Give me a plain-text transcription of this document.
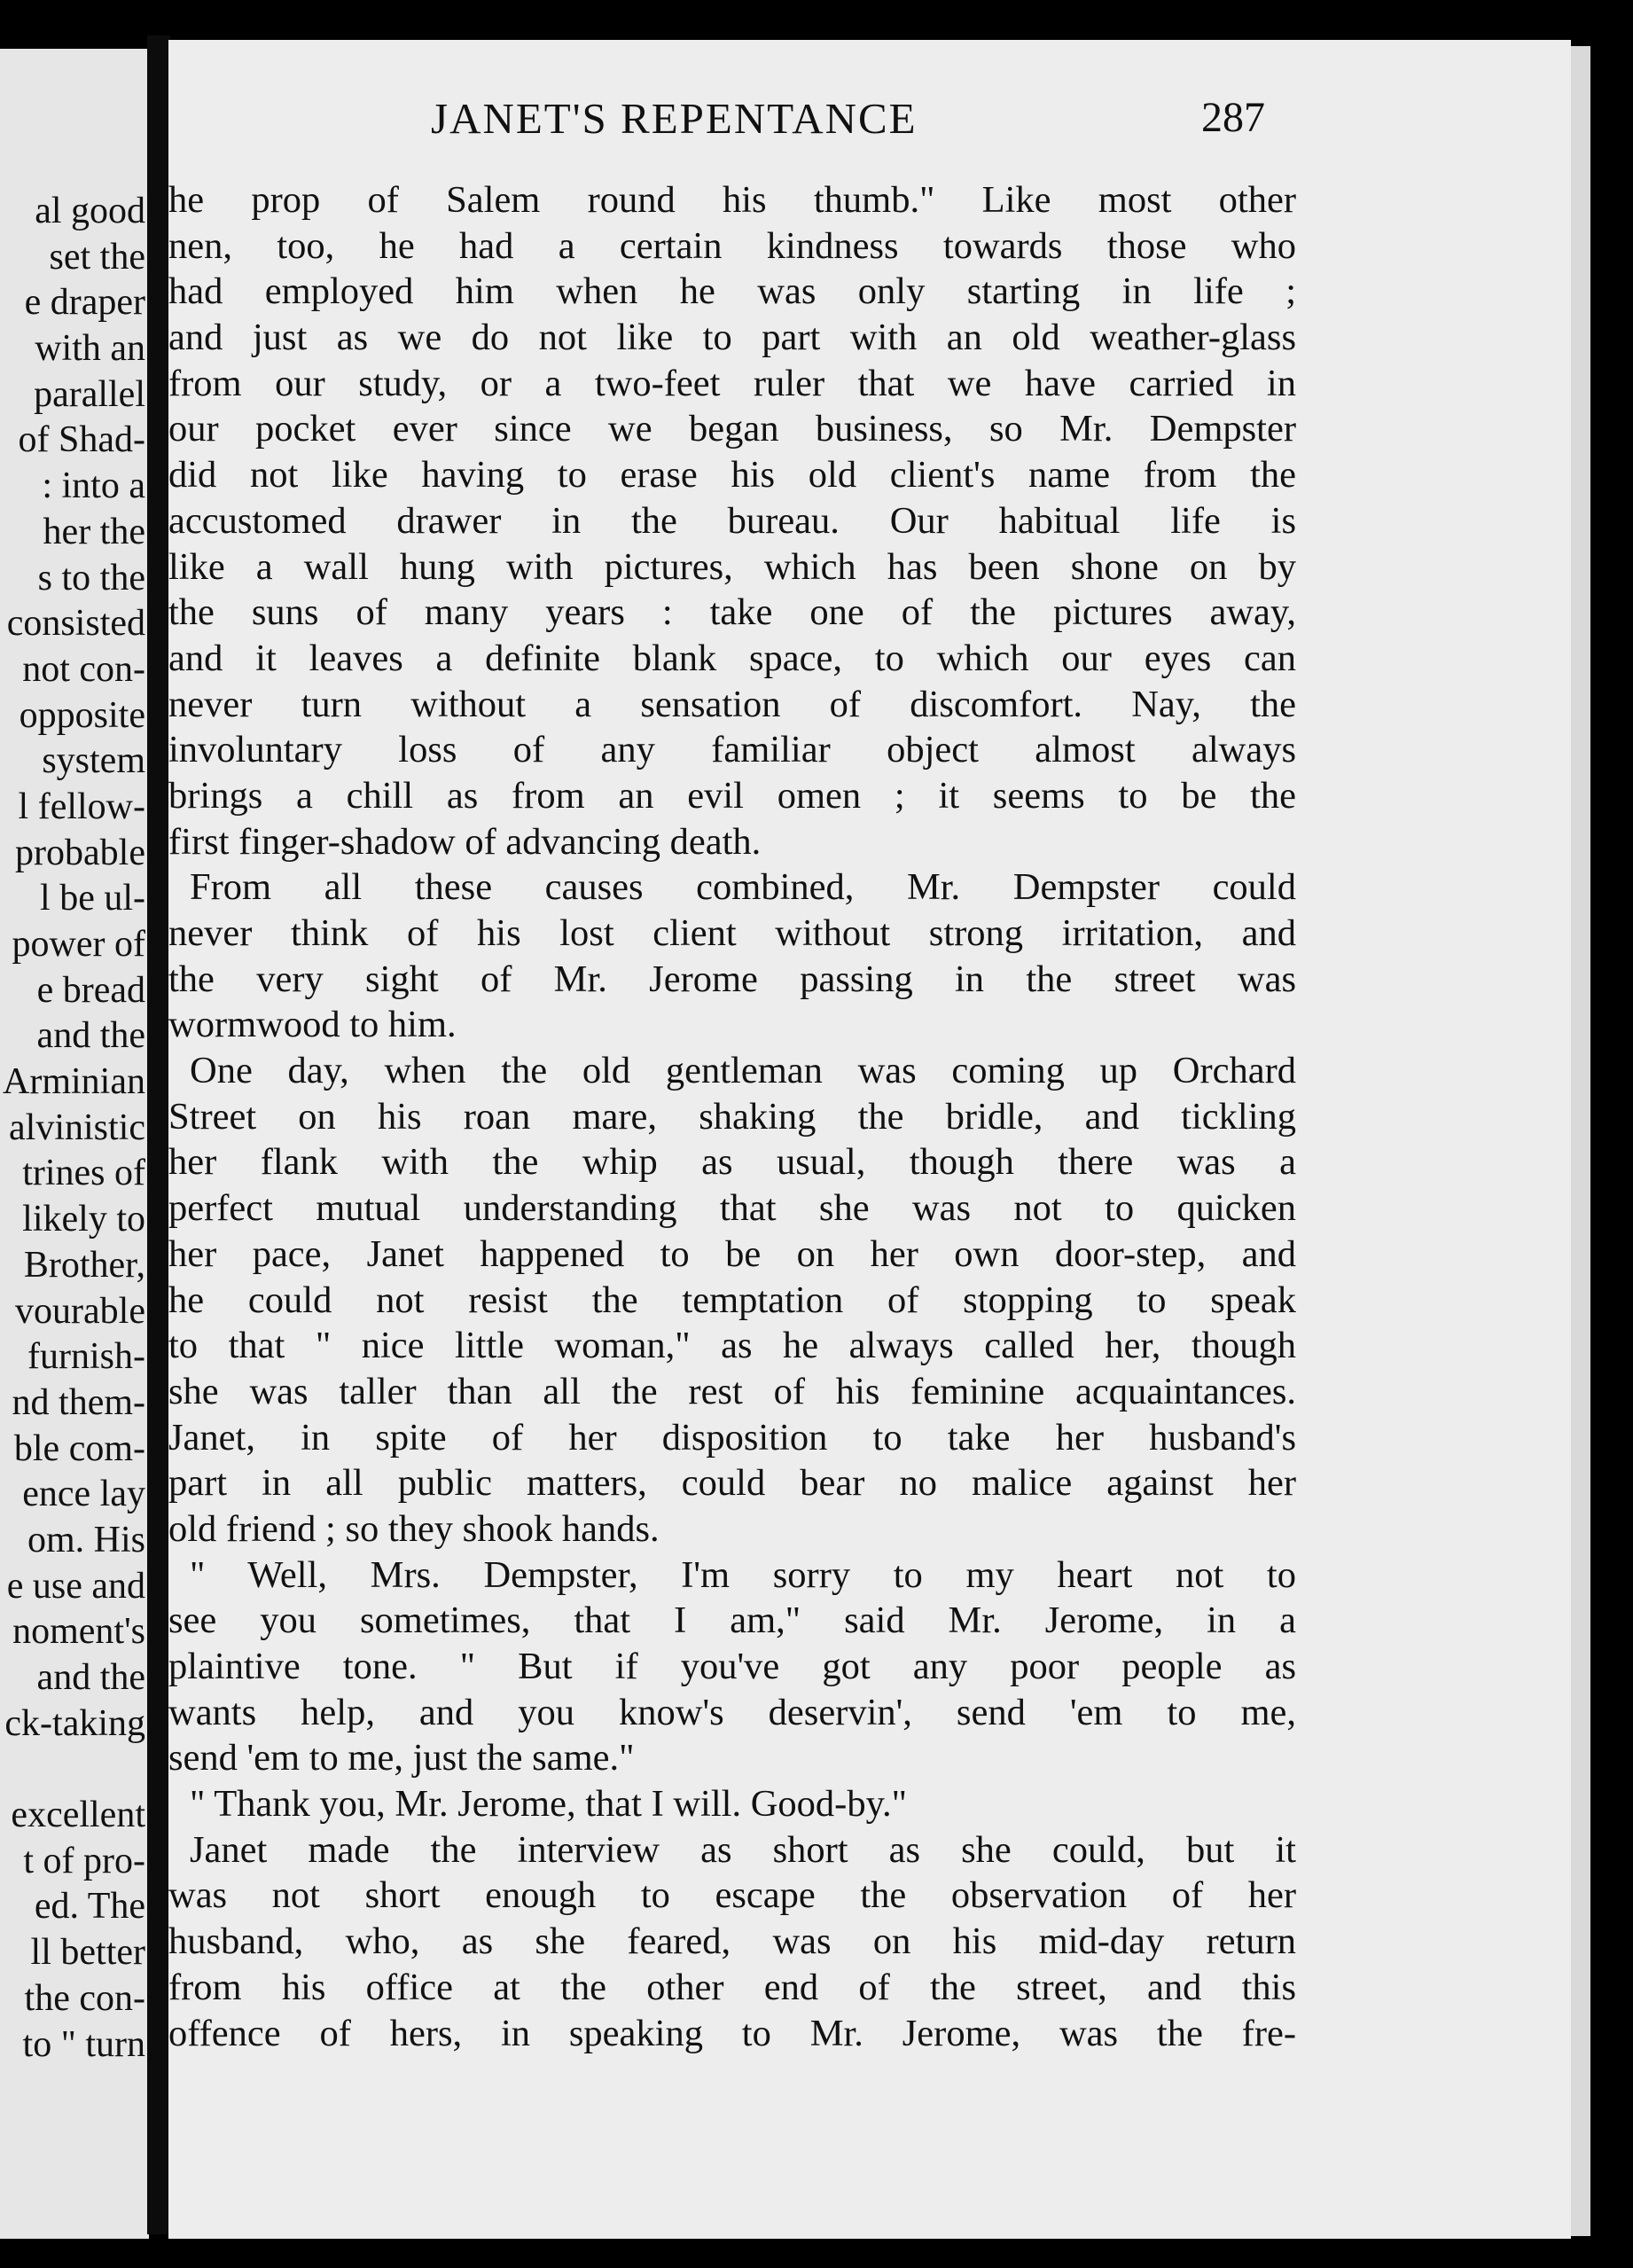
al good
set the
e draper
with an
parallel
of Shad-
: into a
her the
s to the
consisted
not con-
opposite
system
l fellow-
probable
l be ul-
power of
e bread
and the
Arminian
alvinistic
trines of
likely to
Brother,
vourable
furnish-
nd them-
ble com-
ence lay
om. His
e use and
noment's
and the
ck-taking
excellent
t of pro-
ed. The
ll better
the con-
to " turn
JANET'S REPENTANCE	287
he prop of Salem round his thumb." Like most other
nen, too, he had a certain kindness towards those who
had employed him when he was only starting in life ;
and just as we do not like to part with an old weather-glass
from our study, or a two-feet ruler that we have carried in
our pocket ever since we began business, so Mr. Dempster
did not like having to erase his old client's name from the
accustomed drawer in the bureau. Our habitual life is
like a wall hung with pictures, which has been shone on by
the suns of many years : take one of the pictures away,
and it leaves a definite blank space, to which our eyes can
never turn without a sensation of discomfort. Nay, the
involuntary loss of any familiar object almost always
brings a chill as from an evil omen ; it seems to be the
first finger-shadow of advancing death.
From all these causes combined, Mr. Dempster could
never think of his lost client without strong irritation, and
the very sight of Mr. Jerome passing in the street was
wormwood to him.
One day, when the old gentleman was coming up Orchard
Street on his roan mare, shaking the bridle, and tickling
her flank with the whip as usual, though there was a
perfect mutual understanding that she was not to quicken
her pace, Janet happened to be on her own door-step, and
he could not resist the temptation of stopping to speak
to that " nice little woman," as he always called her, though
she was taller than all the rest of his feminine acquaintances.
Janet, in spite of her disposition to take her husband's
part in all public matters, could bear no malice against her
old friend ; so they shook hands.
" Well, Mrs. Dempster, I'm sorry to my heart not to
see you sometimes, that I am," said Mr. Jerome, in a
plaintive tone. " But if you've got any poor people as
wants help, and you know's deservin', send 'em to me,
send 'em to me, just the same."
" Thank you, Mr. Jerome, that I will. Good-by."
Janet made the interview as short as she could, but it
was not short enough to escape the observation of her
husband, who, as she feared, was on his mid-day return
from his office at the other end of the street, and this
offence of hers, in speaking to Mr. Jerome, was the fre-
